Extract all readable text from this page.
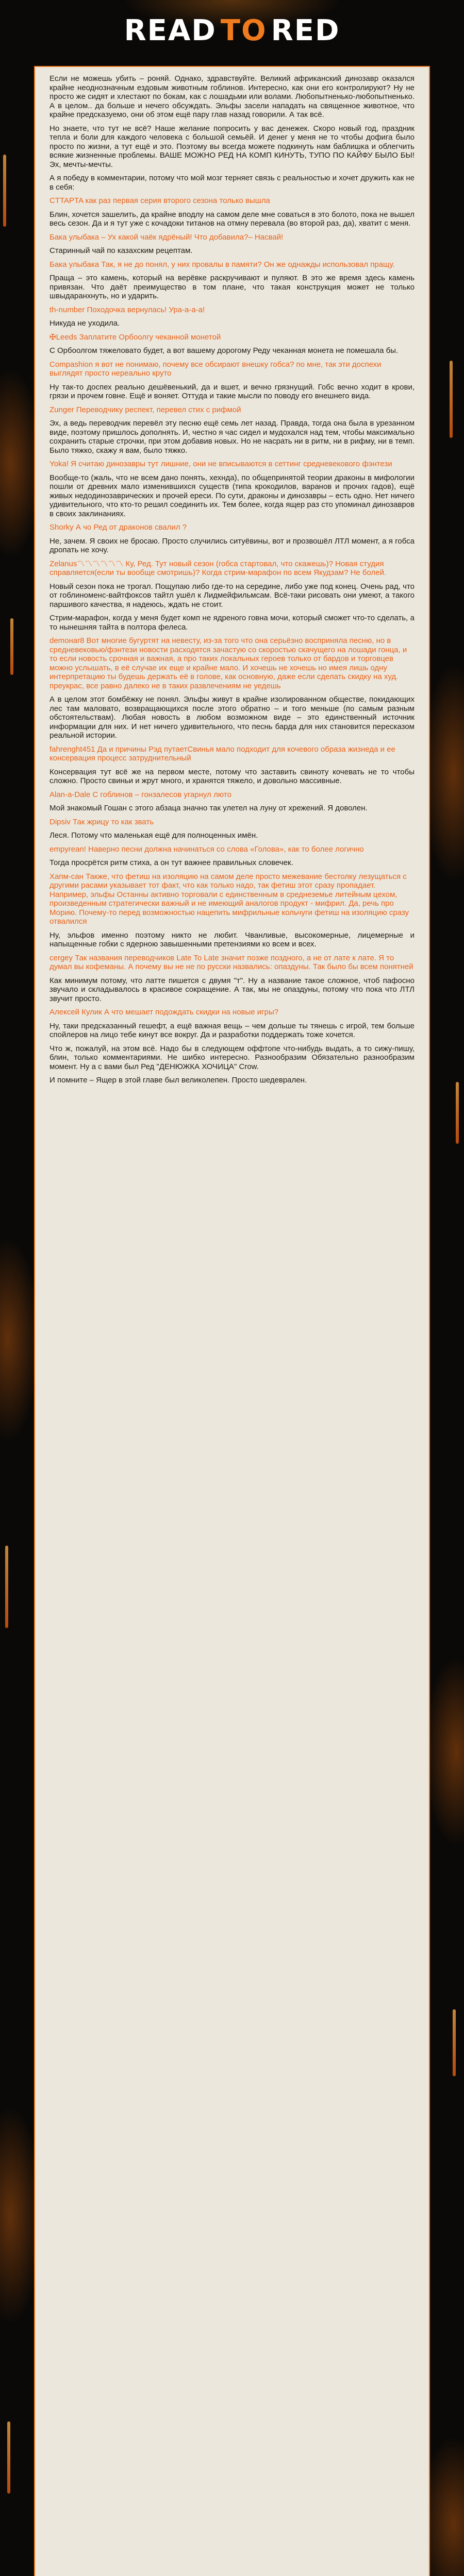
READ TO RED

Если не можешь убить – роняй. Однако, здравствуйте. Великий африканский динозавр оказался крайне неоднозначным ездовым животным гоблинов. Интересно, как они его контролируют? Ну не просто же сидят и хлестают по бокам, как с лошадьми или волами. Любопытненько-любопытненько. А в целом.. да больше и нечего обсуждать. Эльфы засели нападать на священное животное, что крайне предсказуемо, они об этом ещё пару глав назад говорили. А так всё.

Но знаете, что тут не всё? Наше желание попросить у вас денежек. Скоро новый год, праздник тепла и боли для каждого человека с большой семьёй. И денег у меня не то чтобы дофига было просто по жизни, а тут ещё и это. Поэтому вы всегда можете подкинуть нам баблишка и облегчить всякие жизненные проблемы. ВАШЕ МОЖНО РЕД НА КОМП КИНУТЬ, ТУПО ПО КАЙФУ БЫЛО БЫ! Эх, мечты-мечты.

А я победу в комментарии, потому что мой мозг терняет связь с реальностью и хочет дружить как не в себя:

CTTAPTA как раз первая серия второго сезона только вышла

Блин, хочется зашелить, да крайне вподлу на самом деле мне соваться в это болото, пока не вышел весь сезон. Да и я тут уже с кочадоки титанов на отмну перевала (во второй раз, да), хватит с меня.

Бака улыбака – Ух какой чаёк ядрёный! Что добавила?– Насвай!

Старинный чай по казахским рецептам.

Бака улыбака Так, я не до понял, у них провалы в памяти? Он же однажды использовал пращу.

Праща – это камень, который на верёвке раскручивают и пуляют. В это же время здесь камень привязан. Что даёт преимущество в том плане, что такая конструкция может не только швыдаранхнуть, но и ударить.

th-number Походочка вернулась! Ура-а-а-а!

Никуда не уходила.

✠Leeds Заплатите Орбоолгу чеканной монетой

С Орбоолгом тяжеловато будет, а вот вашему дорогому Реду чеканная монета не помешала бы.

Compashion я вот не понимаю, почему все обсирают внешку гобса? по мне, так эти доспехи выглядят просто нереально круто

Ну так-то доспех реально дешёвенький, да и вшет, и вечно грязнущий. Гобс вечно ходит в крови, грязи и прочем говне. Ещё и воняет. Оттуда и такие мысли по поводу его внешнего вида.

Zunger Переводчику респект, перевел стих с рифмой

Эх, а ведь переводчик перевёл эту песню ещё семь лет назад. Правда, тогда она была в урезанном виде, поэтому пришлось дополнять. И, честно я час сидел и мудохался над тем, чтобы максимально сохранить старые строчки, при этом добавив новых. Но не насрать ни в ритм, ни в рифму, ни в темп. Было тяжко, скажу я вам, было тяжко.

Yoka! Я считаю динозавры тут лишние, они не вписываются в сеттинг средневекового фэнтези

Вообще-то (жаль, что не всем дано понять, хехнда), по общепринятой теории драконы в мифологии пошли от древних мало изменившихся существ (типа крокодилов, варанов и прочих гадов), ещё живых недодинозаврических и прочей ереси. По сути, драконы и динозавры – есть одно. Нет ничего удивительного, что кто-то решил соединить их. Тем более, когда ящер раз сто упоминал динозавров в своих заклинаниях.

Shorky А чо Ред от драконов свалил ?

Не, зачем. Я своих не бросаю. Просто случились ситуёвины, вот и прозвошёл ЛТЛ момент, а я гобса дропать не хочу.

Zelanus〽〽〽〽〽〽 Ку, Ред. Тут новый сезон (гобса стартовал, что скажешь)? Новая студия справляется(если ты вообще смотришь)? Когда стрим-марафон по всем Якудзам? Не болей.

Новый сезон пока не трогал. Пощупаю либо где-то на середине, либо уже под конец. Очень рад, что от гоблиноменс-вайтфоксов тайтл ушёл к Лидмейфильмсам. Всё-таки рисовать они умеют, а такого паршивого качества, я надеюсь, ждать не стоит.

Стрим-марафон, когда у меня будет комп не ядреного говна мочи, который сможет что-то сделать, а то нынешняя тайта в полтора фелеса.

demoнar8 Вот многие бугуртят на невесту, из-за того что она серьёзно восприняла песню, но в средневековью/фэнтези новости расходятся зачастую со скоростью скачущего на лошади гонца, и то если новость срочная и важная, а про таких локальных героев только от бардов и торговцев можно услышать, в её случае их еще и крайне мало. И хочешь не хочешь но имея лишь одну интерпретацию ты будешь держать её в голове, как основную, даже если сделать скидку на худ. преукрас, все равно далеко не в таких развлечениям не уедешь

А в целом этот бомбёжку не понял. Эльфы живут в крайне изолированном обществе, покидающих лес там маловато, возвращающихся после этого обратно – и того меньше (по самым разным обстоятельствам). Любая новость в любом возможном виде – это единственный источник информации для них. И нет ничего удивительного, что песнь барда для них становится пересказом реальной истории.

fahrenght451 Да и причины Рэд путаетСвинья мало подходит для кочевого образа жизнеда и ее консервация процесс затруднительный

Консервация тут всё же на первом месте, потому что заставить свиноту кочевать не то чтобы сложно. Просто свиньи и жрут много, и хранятся тяжело, и довольно массивные.

Alan-a-Dale С гоблинов – гонзалесов угарнул лютo

Мой знакомый Гошан с этого абзаца значно так улетел на луну от хрежений. Я доволен.

Dipsiv Так жрицу то как звать

Леся. Потому что маленькая ещё для полноценных имён.

empyrean! Наверно песни должна начинаться со слова «Голова», как то более логично

Тогда просрётся ритм стиха, а он тут важнее правильных словечек.

Хапм-сан Также, что фетиш на изоляцию на самом деле просто межевание бестолку лезущаться с другими расами указывает тот факт, что как только надо, так фетиш этот сразу пропадает. Например, эльфы Останны активно торговали с единственным в среднеземье литейным цехом, произведенным стратегически важный и не имеющий аналогов продукт - мифрил. Да, речь про Морию. Почему-то перед возможностью нацепить мифрильные кольчуги фетиш на изоляцию сразу отвалился

Ну, эльфов именно поэтому никто не любит. Чванливые, высокомерные, лицемерные и напыщенные гобки с ядерною завышенными претензиями ко всем и всех.

cergey Так названия переводчиков Late To Late значит позже поздного, а не от лате к лате. Я то думал вы кофеманы. А почему вы не не по русски назвались: опаздуны. Так было бы всем понятней

Как минимум потому, что латте пишется с двумя "т". Ну а название такое сложное, чтоб пафосно звучало и складывалось в красивое сокращение. А так, мы не опаздуны, потому что пока что ЛТЛ звучит просто.

Алексей Кулик А что мешает подождать скидки на новые игры?

Ну, таки предсказанный гешефт, а ещё важная вещь – чем дольше ты тянешь с игрой, тем больше спойлеров на лицо тебе кинут все вокруг. Да и разработки поддержать тоже хочется.

Что ж, пожалуй, на этом всё. Надо бы в следующем оффтопе что-нибудь выдать, а то сижу-пишу, блин, только комментариями. Не шибко интересно. Разнообразим Обязательно разнообразим момент. Ну а с вами был Ред "ДЕНЮЖКА ХОЧИЦА" Crow.

И помните – Ящер в этой главе был великолепен. Просто шедеврален.
